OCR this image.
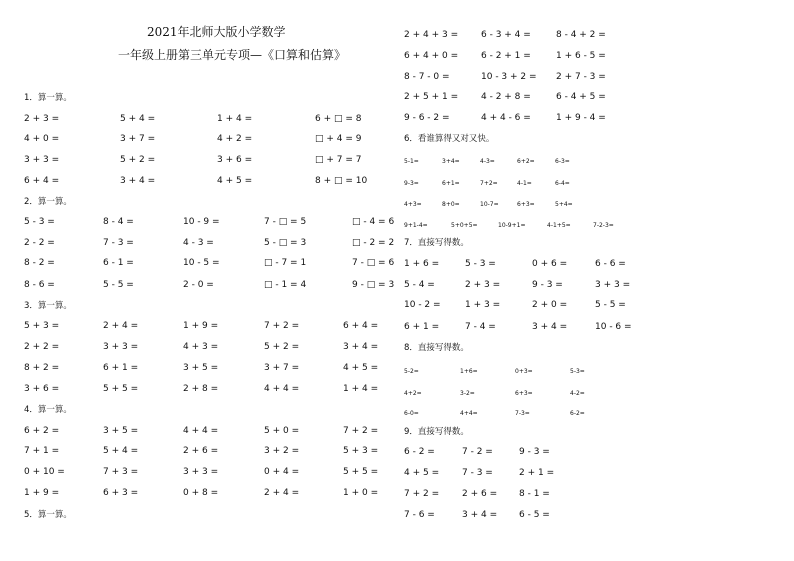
2021年北师大版小学数学
一年级上册第三单元专项—《口算和估算》
1．算一算。
2 + 3 =	5 + 4 =	1 + 4 =	6 + □ = 8
4 + 0 =	3 + 7 =	4 + 2 =	□ + 4 = 9
3 + 3 =	5 + 2 =	3 + 6 =	□ + 7 = 7
6 + 4 =	3 + 4 =	4 + 5 =	8 + □ = 10
2．算一算。
5 - 3 =	8 - 4 =	10 - 9 =	7 - □ = 5	□ - 4 = 6
2 - 2 =	7 - 3 =	4 - 3 =	5 - □ = 3	□ - 2 = 2
8 - 2 =	6 - 1 =	10 - 5 =	□ - 7 = 1	7 - □ = 6
8 - 6 =	5 - 5 =	2 - 0 =	□ - 1 = 4	9 - □ = 3
3．算一算。
5 + 3 =	2 + 4 =	1 + 9 =	7 + 2 =	6 + 4 =
2 + 2 =	3 + 3 =	4 + 3 =	5 + 2 =	3 + 4 =
8 + 2 =	6 + 1 =	3 + 5 =	3 + 7 =	4 + 5 =
3 + 6 =	5 + 5 =	2 + 8 =	4 + 4 =	1 + 4 =
4．算一算。
6 + 2 =	3 + 5 =	4 + 4 =	5 + 0 =	7 + 2 =
7 + 1 =	5 + 4 =	2 + 6 =	3 + 2 =	5 + 3 =
0 + 10 =	7 + 3 =	3 + 3 =	0 + 4 =	5 + 5 =
1 + 9 =	6 + 3 =	0 + 8 =	2 + 4 =	1 + 0 =
5．算一算。
2 + 4 + 3 =	6 - 3 + 4 =	8 - 4 + 2 =
6 + 4 + 0 =	6 - 2 + 1 =	1 + 6 - 5 =
8 - 7 - 0 =	10 - 3 + 2 = 2 + 7 - 3 =
2 + 5 + 1 =	4 - 2 + 8 =	6 - 4 + 5 =
9 - 6 - 2 =	4 + 4 - 6 =	1 + 9 - 4 =
6．看谁算得又对又快。
5-1=	3+4=	4-3=	6+2=	6-3=
9-3=	6+1=	7+2=	4-1=	6-4=
4+3=	8+0=	10-7=	6+3=	5+4=
9+1-4=	5+0+5=	10-9+1=	4-1+5=	7-2-3=
7．直接写得数。
1 + 6 =	5 - 3 =	0 + 6 =	6 - 6 =
5 - 4 =	2 + 3 =	9 - 3 =	3 + 3 =
10 - 2 =	1 + 3 =	2 + 0 =	5 - 5 =
6 + 1 =	7 - 4 =	3 + 4 =	10 - 6 =
8．直接写得数。
5-2=	1+6=	0+3=	5-3=
4+2=	3-2=	6+3=	4-2=
6-0=	4+4=	7-3=	6-2=
9．直接写得数。
6 - 2 =	7 - 2 =	9 - 3 =
4 + 5 =	7 - 3 =	2 + 1 =
7 + 2 =	2 + 6 = 8 - 1 =
7 - 6 =	3 + 4 = 6 - 5 =
